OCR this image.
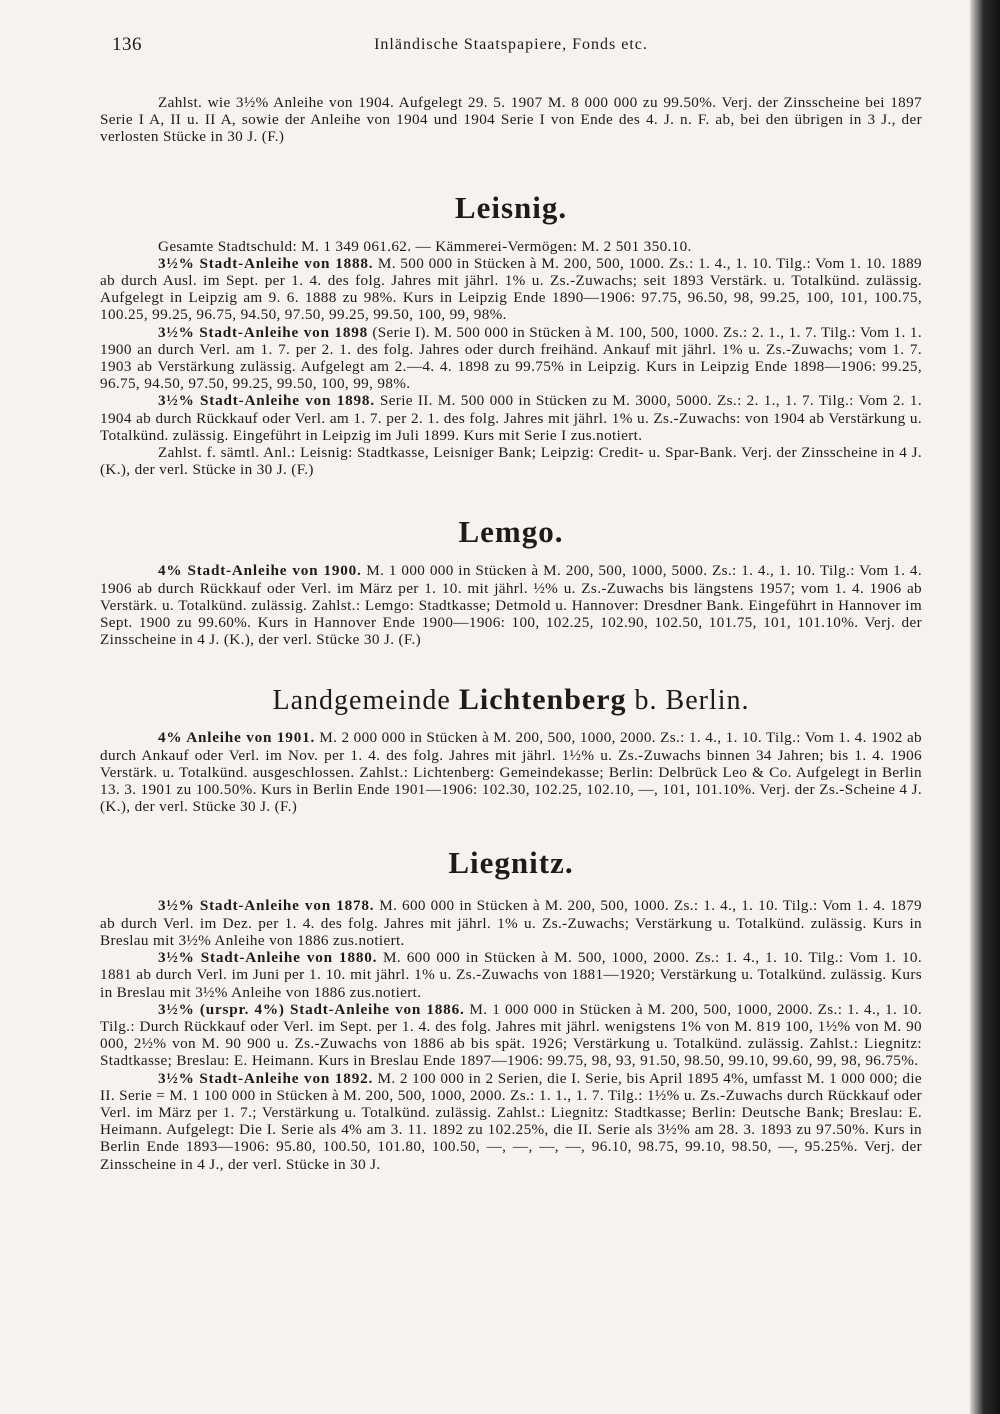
136	Inländische Staatspapiere, Fonds etc.

Zahlst. wie 3½% Anleihe von 1904. Aufgelegt 29. 5. 1907 M. 8 000 000 zu 99.50%. Verj. der Zinsscheine bei 1897 Serie I A, II u. II A, sowie der Anleihe von 1904 und 1904 Serie I von Ende des 4. J. n. F. ab, bei den übrigen in 3 J., der verlosten Stücke in 30 J. (F.)

Leisnig.

Gesamte Stadtschuld: M. 1 349 061.62. — Kämmerei-Vermögen: M. 2 501 350.10.

3½% Stadt-Anleihe von 1888. M. 500 000 in Stücken à M. 200, 500, 1000. Zs.: 1. 4., 1. 10. Tilg.: Vom 1. 10. 1889 ab durch Ausl. im Sept. per 1. 4. des folg. Jahres mit jährl. 1% u. Zs.-Zuwachs; seit 1893 Verstärk. u. Totalkünd. zulässig. Aufgelegt in Leipzig am 9. 6. 1888 zu 98%. Kurs in Leipzig Ende 1890—1906: 97.75, 96.50, 98, 99.25, 100, 101, 100.75, 100.25, 99.25, 96.75, 94.50, 97.50, 99.25, 99.50, 100, 99, 98%.

3½% Stadt-Anleihe von 1898 (Serie I). M. 500 000 in Stücken à M. 100, 500, 1000. Zs.: 2. 1., 1. 7. Tilg.: Vom 1. 1. 1900 an durch Verl. am 1. 7. per 2. 1. des folg. Jahres oder durch freihänd. Ankauf mit jährl. 1% u. Zs.-Zuwachs; vom 1. 7. 1903 ab Verstärkung zulässig. Aufgelegt am 2.—4. 4. 1898 zu 99.75% in Leipzig. Kurs in Leipzig Ende 1898—1906: 99.25, 96.75, 94.50, 97.50, 99.25, 99.50, 100, 99, 98%.

3½% Stadt-Anleihe von 1898. Serie II. M. 500 000 in Stücken zu M. 3000, 5000. Zs.: 2. 1., 1. 7. Tilg.: Vom 2. 1. 1904 ab durch Rückkauf oder Verl. am 1. 7. per 2. 1. des folg. Jahres mit jährl. 1% u. Zs.-Zuwachs: von 1904 ab Verstärkung u. Totalkünd. zulässig. Eingeführt in Leipzig im Juli 1899. Kurs mit Serie I zus.notiert.

Zahlst. f. sämtl. Anl.: Leisnig: Stadtkasse, Leisniger Bank; Leipzig: Credit- u. Spar-Bank. Verj. der Zinsscheine in 4 J. (K.), der verl. Stücke in 30 J. (F.)

Lemgo.

4% Stadt-Anleihe von 1900. M. 1 000 000 in Stücken à M. 200, 500, 1000, 5000. Zs.: 1. 4., 1. 10. Tilg.: Vom 1. 4. 1906 ab durch Rückkauf oder Verl. im März per 1. 10. mit jährl. ½% u. Zs.-Zuwachs bis längstens 1957; vom 1. 4. 1906 ab Verstärk. u. Totalkünd. zulässig. Zahlst.: Lemgo: Stadtkasse; Detmold u. Hannover: Dresdner Bank. Eingeführt in Hannover im Sept. 1900 zu 99.60%. Kurs in Hannover Ende 1900—1906: 100, 102.25, 102.90, 102.50, 101.75, 101, 101.10%. Verj. der Zinsscheine in 4 J. (K.), der verl. Stücke 30 J. (F.)

Landgemeinde Lichtenberg b. Berlin.

4% Anleihe von 1901. M. 2 000 000 in Stücken à M. 200, 500, 1000, 2000. Zs.: 1. 4., 1. 10. Tilg.: Vom 1. 4. 1902 ab durch Ankauf oder Verl. im Nov. per 1. 4. des folg. Jahres mit jährl. 1½% u. Zs.-Zuwachs binnen 34 Jahren; bis 1. 4. 1906 Verstärk. u. Totalkünd. ausgeschlossen. Zahlst.: Lichtenberg: Gemeindekasse; Berlin: Delbrück Leo & Co. Aufgelegt in Berlin 13. 3. 1901 zu 100.50%. Kurs in Berlin Ende 1901—1906: 102.30, 102.25, 102.10, —, 101, 101.10%. Verj. der Zs.-Scheine 4 J. (K.), der verl. Stücke 30 J. (F.)

Liegnitz.

3½% Stadt-Anleihe von 1878. M. 600 000 in Stücken à M. 200, 500, 1000. Zs.: 1. 4., 1. 10. Tilg.: Vom 1. 4. 1879 ab durch Verl. im Dez. per 1. 4. des folg. Jahres mit jährl. 1% u. Zs.-Zuwachs; Verstärkung u. Totalkünd. zulässig. Kurs in Breslau mit 3½% Anleihe von 1886 zus.notiert.

3½% Stadt-Anleihe von 1880. M. 600 000 in Stücken à M. 500, 1000, 2000. Zs.: 1. 4., 1. 10. Tilg.: Vom 1. 10. 1881 ab durch Verl. im Juni per 1. 10. mit jährl. 1% u. Zs.-Zuwachs von 1881—1920; Verstärkung u. Totalkünd. zulässig. Kurs in Breslau mit 3½% Anleihe von 1886 zus.notiert.

3½% (urspr. 4%) Stadt-Anleihe von 1886. M. 1 000 000 in Stücken à M. 200, 500, 1000, 2000. Zs.: 1. 4., 1. 10. Tilg.: Durch Rückkauf oder Verl. im Sept. per 1. 4. des folg. Jahres mit jährl. wenigstens 1% von M. 819 100, 1½% von M. 90 000, 2½% von M. 90 900 u. Zs.-Zuwachs von 1886 ab bis spät. 1926; Verstärkung u. Totalkünd. zulässig. Zahlst.: Liegnitz: Stadtkasse; Breslau: E. Heimann. Kurs in Breslau Ende 1897—1906: 99.75, 98, 93, 91.50, 98.50, 99.10, 99.60, 99, 98, 96.75%.

3½% Stadt-Anleihe von 1892. M. 2 100 000 in 2 Serien, die I. Serie, bis April 1895 4%, umfasst M. 1 000 000; die II. Serie = M. 1 100 000 in Stücken à M. 200, 500, 1000, 2000. Zs.: 1. 1., 1. 7. Tilg.: 1½% u. Zs.-Zuwachs durch Rückkauf oder Verl. im März per 1. 7.; Verstärkung u. Totalkünd. zulässig. Zahlst.: Liegnitz: Stadtkasse; Berlin: Deutsche Bank; Breslau: E. Heimann. Aufgelegt: Die I. Serie als 4% am 3. 11. 1892 zu 102.25%, die II. Serie als 3½% am 28. 3. 1893 zu 97.50%. Kurs in Berlin Ende 1893—1906: 95.80, 100.50, 101.80, 100.50, —, —, —, —, 96.10, 98.75, 99.10, 98.50, —, 95.25%. Verj. der Zinsscheine in 4 J., der verl. Stücke in 30 J.
